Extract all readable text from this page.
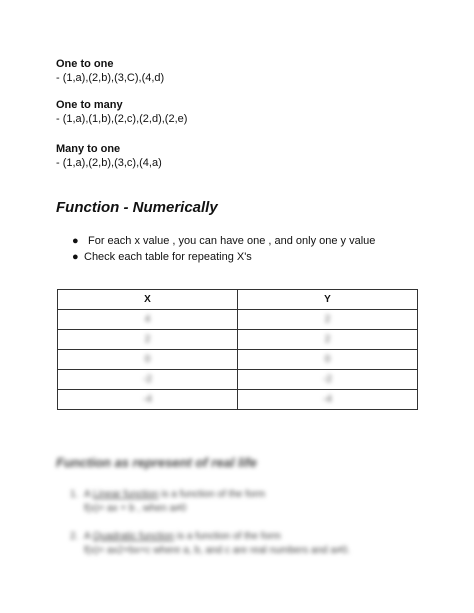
One to one

- (1,a),(2,b),(3,C),(4,d)

One to many

- (1,a),(1,b),(2,c),(2,d),(2,e)

Many to one

- (1,a),(2,b),(3,c),(4,a)

Function - Numerically
● For each x value , you can have one , and only one y value
● Check each table for repeating X's
X	Y
4	2
2	2
0	0
-2	-2
-4	-4
Function as represent of real life
1. A Linear function is a function of the form
f(x)= ax + b , when a≠0
2. A Quadratic function is a function of the form
f(x)= ax2+bx+c where a, b, and c are real numbers and a≠0.
